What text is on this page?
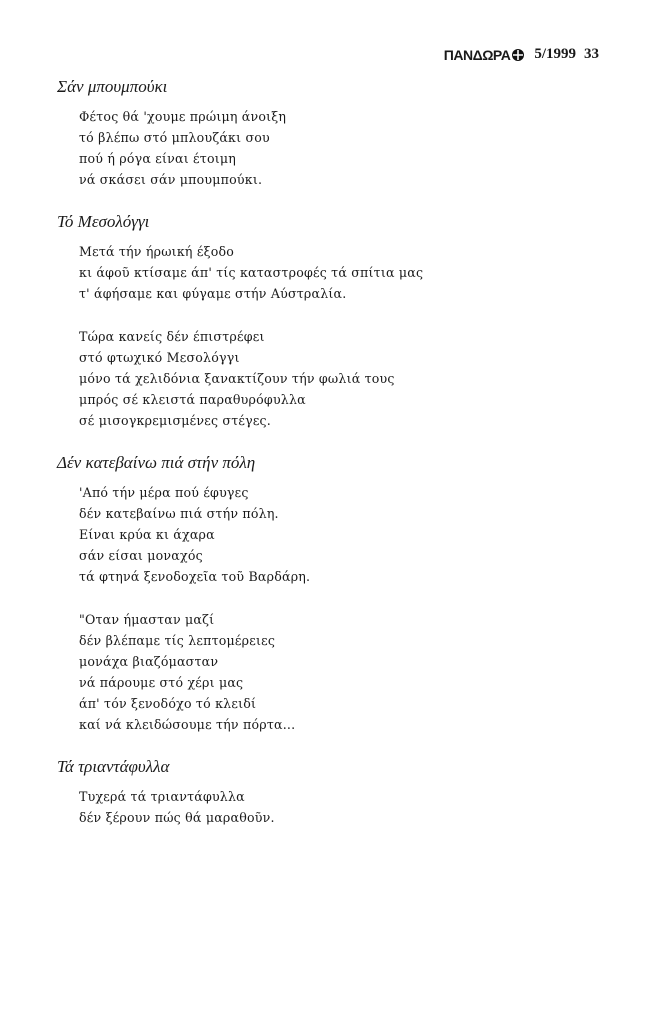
ΠΑΝΔΩΡΑ 5/1999 33
Σάν μπουμπούκι
Φέτος θά 'χουμε πρώιμη άνοιξη
τό βλέπω στό μπλουζάκι σου
πού ή ρόγα είναι έτοιμη
νά σκάσει σάν μπουμπούκι.
Τό Μεσολόγγι
Μετά τήν ήρωική έξοδο
κι άφοῦ κτίσαμε άπ' τίς καταστροφές τά σπίτια μας
τ' άφήσαμε και φύγαμε στήν Αύστραλία.
Τώρα κανείς δέν έπιστρέφει
στό φτωχικό Μεσολόγγι
μόνο τά χελιδόνια ξανακτίζουν τήν φωλιά τους
μπρός σέ κλειστά παραθυρόφυλλα
σέ μισογκρεμισμένες στέγες.
Δέν κατεβαίνω πιά στήν πόλη
'Από τήν μέρα πού έφυγες
δέν κατεβαίνω πιά στήν πόλη.
Είναι κρύα κι άχαρα
σάν είσαι μοναχός
τά φτηνά ξενοδοχεῖα τοῦ Βαρδάρη.
"Οταν ήμασταν μαζί
δέν βλέπαμε τίς λεπτομέρειες
μονάχα βιαζόμασταν
νά πάρουμε στό χέρι μας
άπ' τόν ξενοδόχο τό κλειδί
καί νά κλειδώσουμε τήν πόρτα...
Τά τριαντάφυλλα
Τυχερά τά τριαντάφυλλα
δέν ξέρουν πώς θά μαραθοῦν.
